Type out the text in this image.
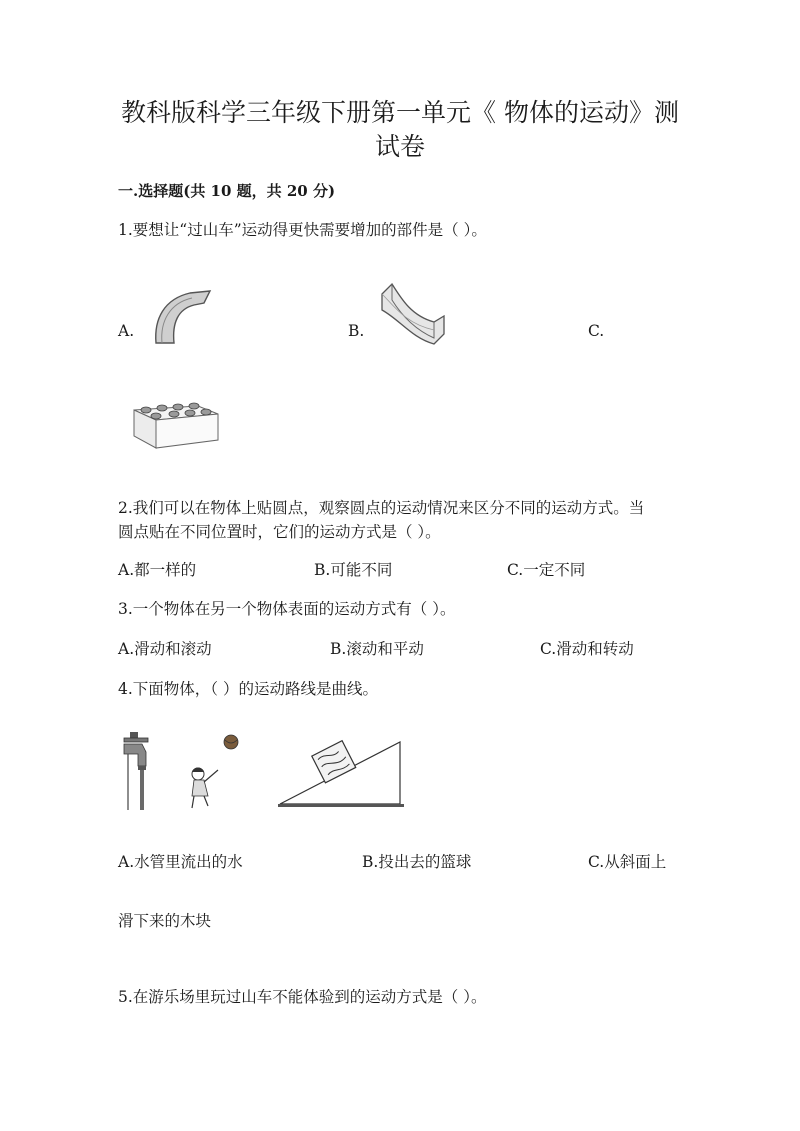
教科版科学三年级下册第一单元《 物体的运动》测
试卷
一.选择题(共 10 题，共 20 分)
1.要想让“过山车”运动得更快需要增加的部件是（ ）。
A.	B.	C.
2.我们可以在物体上贴圆点，观察圆点的运动情况来区分不同的运动方式。当
圆点贴在不同位置时，它们的运动方式是（ ）。
A.都一样的	B.可能不同	C.一定不同
3.一个物体在另一个物体表面的运动方式有（ ）。
A.滑动和滚动	B.滚动和平动	C.滑动和转动
4.下面物体，（ ）的运动路线是曲线。
A.水管里流出的水	B.投出去的篮球	C.从斜面上
滑下来的木块
5.在游乐场里玩过山车不能体验到的运动方式是（ ）。
